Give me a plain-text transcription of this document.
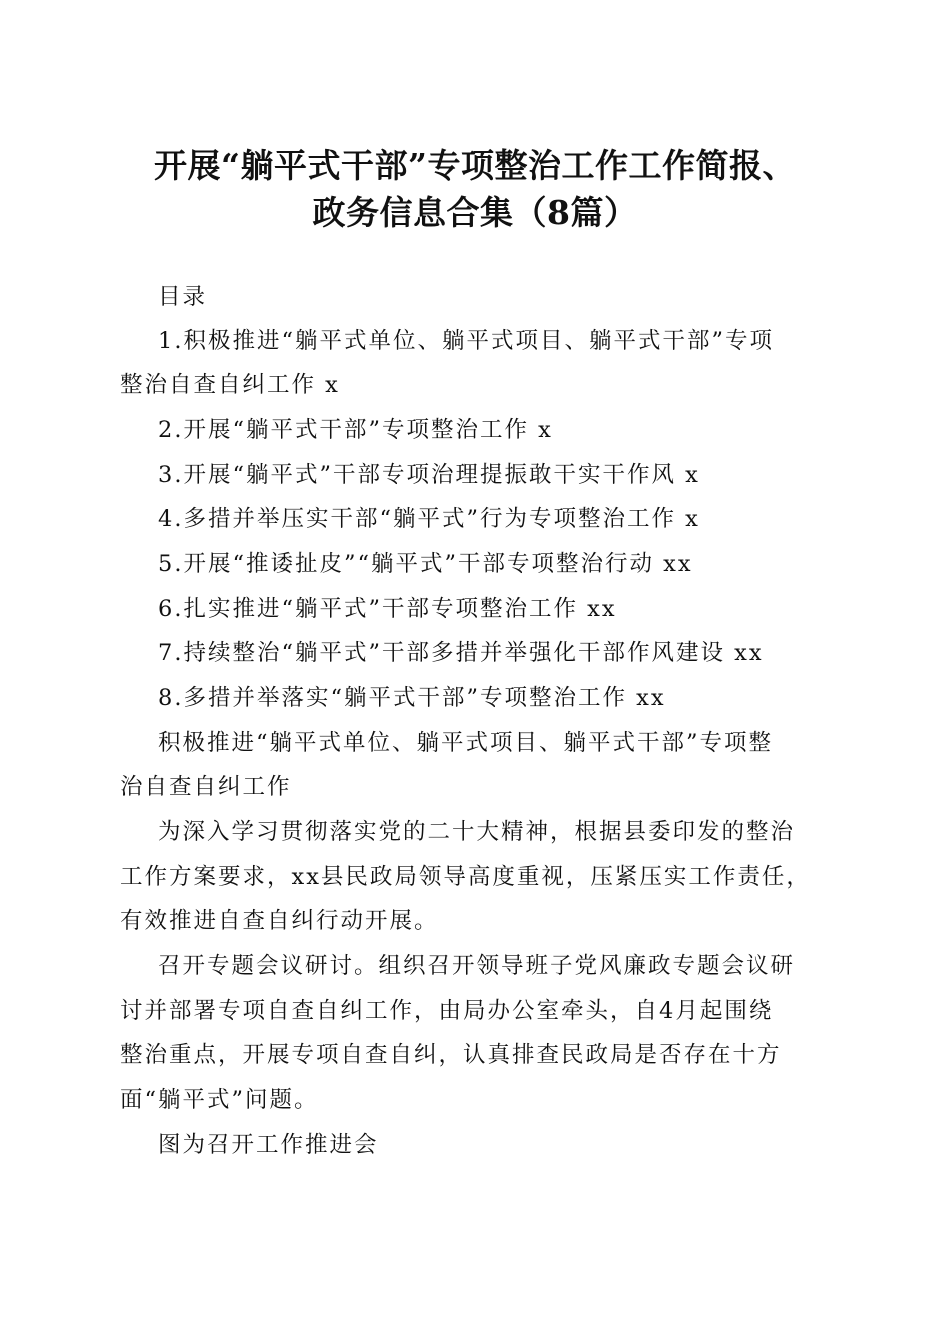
开展“躺平式干部”专项整治工作工作简报、
政务信息合集（8篇）
目录
1.积极推进“躺平式单位、躺平式项目、躺平式干部”专项
整治自查自纠工作 x
2.开展“躺平式干部”专项整治工作 x
3.开展“躺平式”干部专项治理提振敢干实干作风 x
4.多措并举压实干部“躺平式”行为专项整治工作 x
5.开展“推诿扯皮”“躺平式”干部专项整治行动 xx
6.扎实推进“躺平式”干部专项整治工作 xx
7.持续整治“躺平式”干部多措并举强化干部作风建设 xx
8.多措并举落实“躺平式干部”专项整治工作 xx
积极推进“躺平式单位、躺平式项目、躺平式干部”专项整
治自查自纠工作
为深入学习贯彻落实党的二十大精神，根据县委印发的整治
工作方案要求，xx县民政局领导高度重视，压紧压实工作责任，
有效推进自查自纠行动开展。
召开专题会议研讨。组织召开领导班子党风廉政专题会议研
讨并部署专项自查自纠工作，由局办公室牵头，自4月起围绕
整治重点，开展专项自查自纠，认真排查民政局是否存在十方
面“躺平式”问题。
图为召开工作推进会
